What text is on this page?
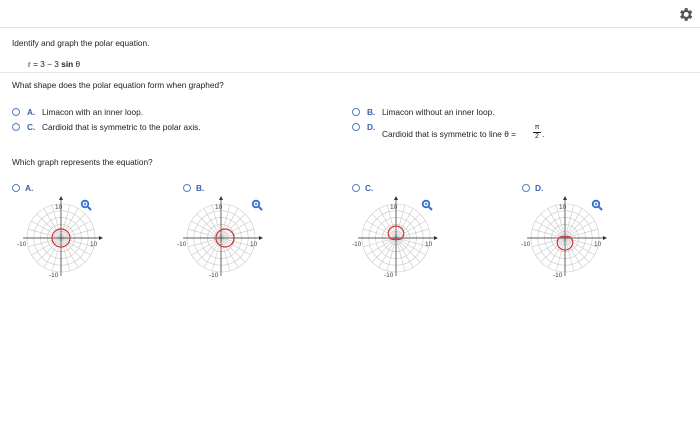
Identify and graph the polar equation.
r = 3 − 3 sin θ
What shape does the polar equation form when graphed?
A. Limacon with an inner loop.
C. Cardioid that is symmetric to the polar axis.
B. Limacon without an inner loop.
D.
Cardioid that is symmetric to line $\theta = \frac{\pi}{2}$ .
Which graph represents the equation?
A.
10
-10
-10	10
B.
10
-10
-10	10
C.
10
-10
-10	10
D.
10
-10
-10	10
